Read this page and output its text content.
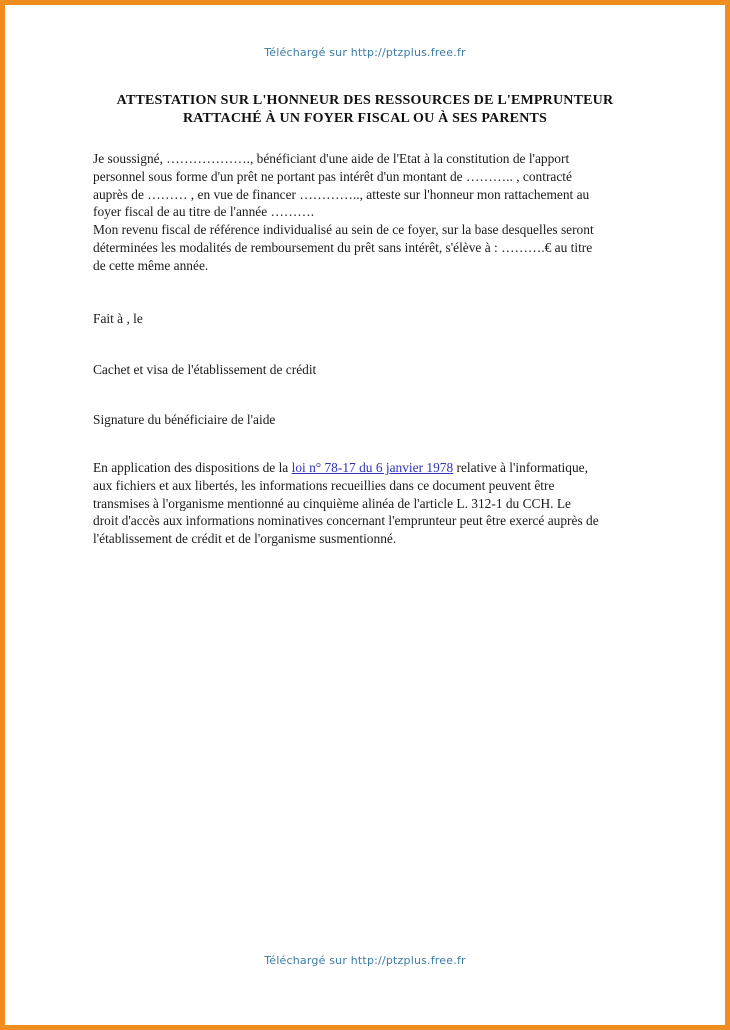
Téléchargé sur http://ptzplus.free.fr
ATTESTATION SUR L'HONNEUR DES RESSOURCES DE L'EMPRUNTEUR
RATTACHÉ À UN FOYER FISCAL OU À SES PARENTS
Je soussigné, ………………., bénéficiant d'une aide de l'Etat à la constitution de l'apport
personnel sous forme d'un prêt ne portant pas intérêt d'un montant de ……….. , contracté
auprès de ……… , en vue de financer ………….., atteste sur l'honneur mon rattachement au
foyer fiscal de au titre de l'année ……….
Mon revenu fiscal de référence individualisé au sein de ce foyer, sur la base desquelles seront
déterminées les modalités de remboursement du prêt sans intérêt, s'élève à : ……….€ au titre
de cette même année.
Fait à , le
Cachet et visa de l'établissement de crédit
Signature du bénéficiaire de l'aide
En application des dispositions de la loi n° 78-17 du 6 janvier 1978 relative à l'informatique,
aux fichiers et aux libertés, les informations recueillies dans ce document peuvent être
transmises à l'organisme mentionné au cinquième alinéa de l'article L. 312-1 du CCH. Le
droit d'accès aux informations nominatives concernant l'emprunteur peut être exercé auprès de
l'établissement de crédit et de l'organisme susmentionné.
Téléchargé sur http://ptzplus.free.fr
